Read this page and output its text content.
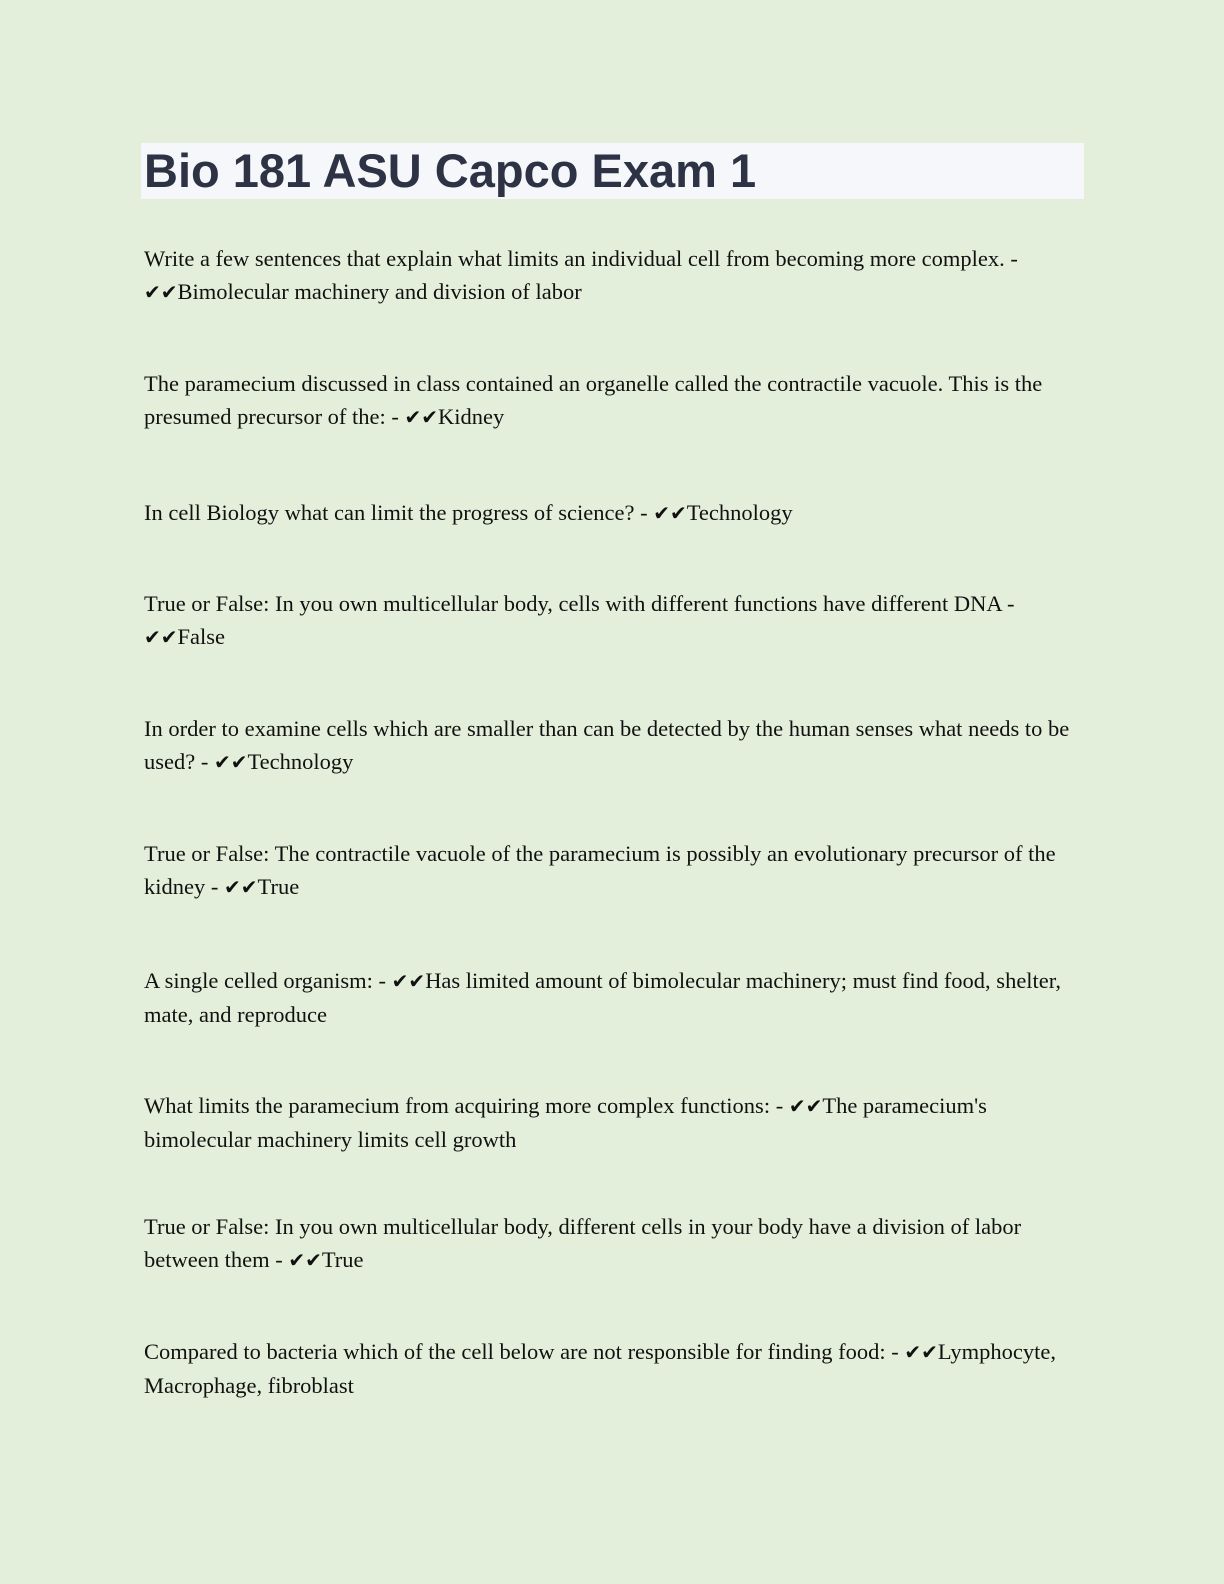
Bio 181 ASU Capco Exam 1
Write a few sentences that explain what limits an individual cell from becoming more complex. - ✔✔Bimolecular machinery and division of labor
The paramecium discussed in class contained an organelle called the contractile vacuole. This is the presumed precursor of the: - ✔✔Kidney
In cell Biology what can limit the progress of science? - ✔✔Technology
True or False: In you own multicellular body, cells with different functions have different DNA - ✔✔False
In order to examine cells which are smaller than can be detected by the human senses what needs to be used? - ✔✔Technology
True or False: The contractile vacuole of the paramecium is possibly an evolutionary precursor of the kidney - ✔✔True
A single celled organism: - ✔✔Has limited amount of bimolecular machinery; must find food, shelter, mate, and reproduce
What limits the paramecium from acquiring more complex functions: - ✔✔The paramecium's bimolecular machinery limits cell growth
True or False: In you own multicellular body, different cells in your body have a division of labor between them - ✔✔True
Compared to bacteria which of the cell below are not responsible for finding food: - ✔✔Lymphocyte, Macrophage, fibroblast
